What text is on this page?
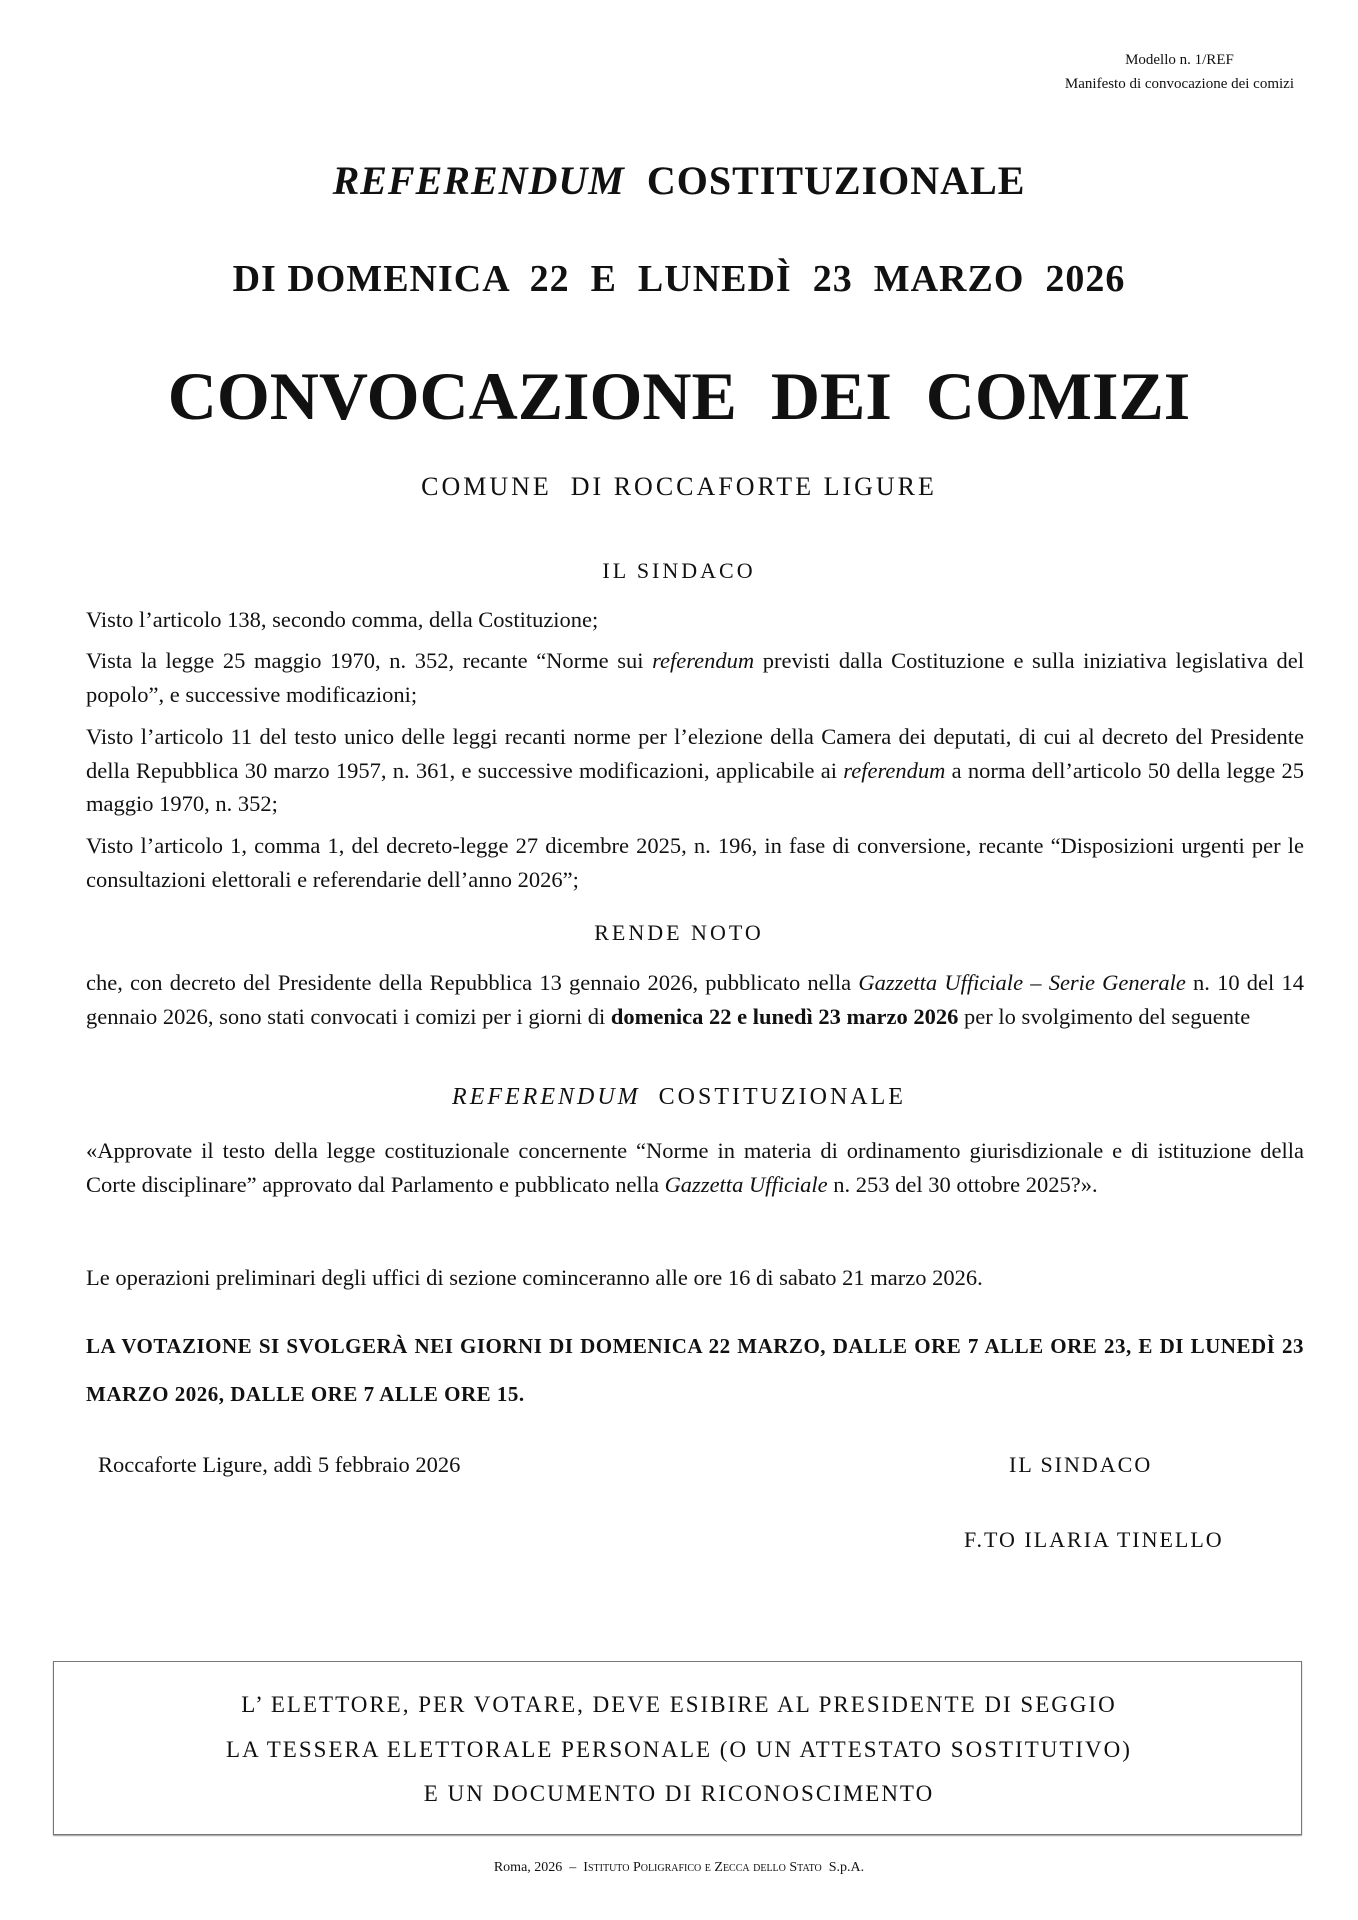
Modello n. 1/REF
Manifesto di convocazione dei comizi
REFERENDUM COSTITUZIONALE
DI DOMENICA  22  E  LUNEDÌ  23  MARZO  2026
CONVOCAZIONE  DEI  COMIZI
COMUNE  DI ROCCAFORTE LIGURE
IL SINDACO
Visto l’articolo 138, secondo comma, della Costituzione;
Vista la legge 25 maggio 1970, n. 352, recante “Norme sui referendum previsti dalla Costituzione e sulla iniziativa legislativa del popolo”, e successive modificazioni;
Visto l’articolo 11 del testo unico delle leggi recanti norme per l’elezione della Camera dei deputati, di cui al decreto del Presidente della Repubblica 30 marzo 1957, n. 361, e successive modificazioni, applicabile ai referendum a norma dell’articolo 50 della legge 25 maggio 1970, n. 352;
Visto l’articolo 1, comma 1, del decreto-legge 27 dicembre 2025, n. 196, in fase di conversione, recante “Disposizioni urgenti per le consultazioni elettorali e referendarie dell’anno 2026”;
RENDE NOTO
che, con decreto del Presidente della Repubblica 13 gennaio 2026, pubblicato nella Gazzetta Ufficiale – Serie Generale n. 10 del 14 gennaio 2026, sono stati convocati i comizi per i giorni di domenica 22 e lunedì 23 marzo 2026 per lo svolgimento del seguente
REFERENDUM COSTITUZIONALE
«Approvate il testo della legge costituzionale concernente “Norme in materia di ordinamento giurisdizionale e di istituzione della Corte disciplinare” approvato dal Parlamento e pubblicato nella Gazzetta Ufficiale n. 253 del 30 ottobre 2025?».
Le operazioni preliminari degli uffici di sezione cominceranno alle ore 16 di sabato 21 marzo 2026.
LA VOTAZIONE SI SVOLGERÀ NEI GIORNI DI DOMENICA 22 MARZO, DALLE ORE 7 ALLE ORE 23, E DI LUNEDÌ 23 MARZO 2026, DALLE ORE 7 ALLE ORE 15.
Roccaforte Ligure, addì 5 febbraio 2026	IL SINDACO
F.TO ILARIA TINELLO
L’ ELETTORE, PER VOTARE, DEVE ESIBIRE AL PRESIDENTE DI SEGGIO
LA TESSERA ELETTORALE PERSONALE (O UN ATTESTATO SOSTITUTIVO)
E UN DOCUMENTO DI RICONOSCIMENTO
Roma, 2026 – Istituto Poligrafico e Zecca dello Stato S.p.A.
